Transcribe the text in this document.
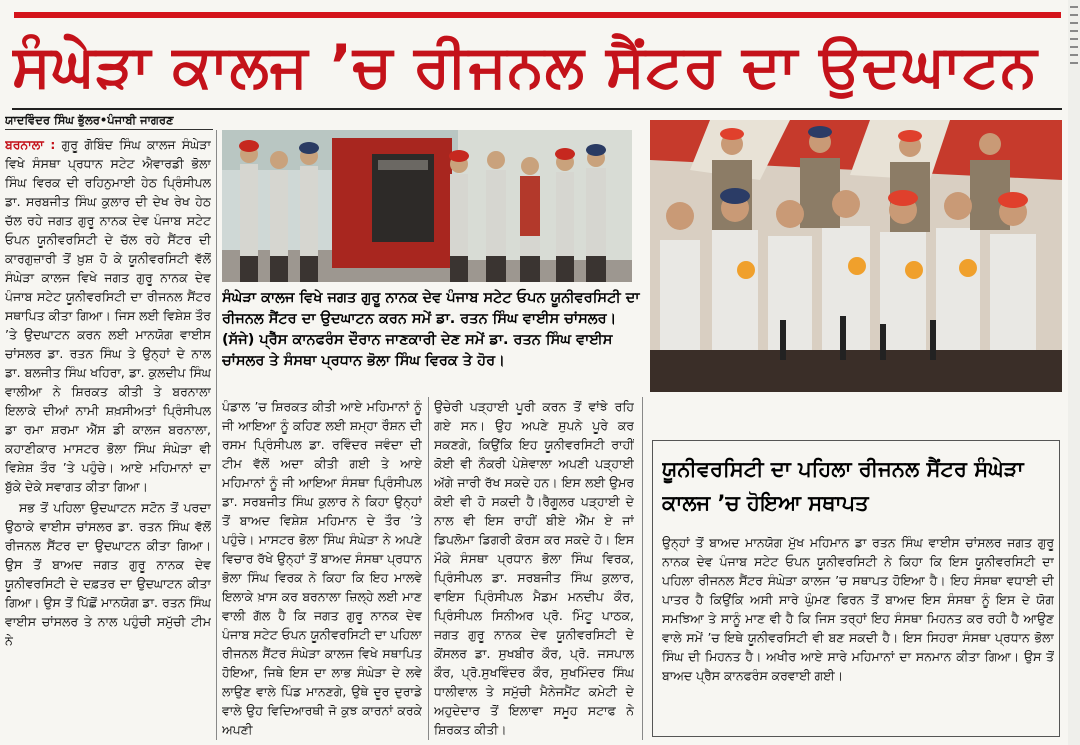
ਸੰਘੇੜਾ ਕਾਲਜ ’ਚ ਰੀਜਨਲ ਸੈਂਟਰ ਦਾ ਉਦਘਾਟਨ
ਯਾਦਵਿੰਦਰ ਸਿੰਘ ਭੁੱਲਰ•ਪੰਜਾਬੀ ਜਾਗਰਣ

ਬਰਨਾਲਾ : ਗੁਰੂ ਗੋਬਿੰਦ ਸਿੰਘ ਕਾਲਜ ਸੰਘੇੜਾ ਵਿਖੇ ਸੰਸਥਾ ਪ੍ਰਧਾਨ ਸਟੇਟ ਐਵਾਰਡੀ ਭੋਲਾ ਸਿੰਘ ਵਿਰਕ ਦੀ ਰਹਿਨੁਮਾਈ ਹੇਠ ਪ੍ਰਿੰਸੀਪਲ ਡਾ. ਸਰਬਜੀਤ ਸਿੰਘ ਕੁਲਾਰ ਦੀ ਦੇਖ ਰੇਖ ਹੇਠ ਚੱਲ ਰਹੇ ਜਗਤ ਗੁਰੂ ਨਾਨਕ ਦੇਵ ਪੰਜਾਬ ਸਟੇਟ ਓਪਨ ਯੂਨੀਵਰਸਿਟੀ ਦੇ ਚੱਲ ਰਹੇ ਸੈਂਟਰ ਦੀ ਕਾਰਗੁਜ਼ਾਰੀ ਤੋਂ ਖ਼ੁਸ਼ ਹੋ ਕੇ ਯੂਨੀਵਰਸਿਟੀ ਵੱਲੋਂ ਸੰਘੇੜਾ ਕਾਲਜ ਵਿਖੇ ਜਗਤ ਗੁਰੂ ਨਾਨਕ ਦੇਵ ਪੰਜਾਬ ਸਟੇਟ ਯੂਨੀਵਰਸਿਟੀ ਦਾ ਰੀਜਨਲ ਸੈਂਟਰ ਸਥਾਪਿਤ ਕੀਤਾ ਗਿਆ। ਜਿਸ ਲਈ ਵਿਸ਼ੇਸ਼ ਤੌਰ ’ਤੇ ਉਦਘਾਟਨ ਕਰਨ ਲਈ ਮਾਨਯੋਗ ਵਾਈਸ ਚਾਂਸਲਰ ਡਾ. ਰਤਨ ਸਿੰਘ ਤੇ ਉਨ੍ਹਾਂ ਦੇ ਨਾਲ ਡਾ. ਬਲਜੀਤ ਸਿੰਘ ਖਹਿਰਾ, ਡਾ. ਕੁਲਦੀਪ ਸਿੰਘ ਵਾਲੀਆ ਨੇ ਸ਼ਿਰਕਤ ਕੀਤੀ ਤੇ ਬਰਨਾਲਾ ਇਲਾਕੇ ਦੀਆਂ ਨਾਮੀ ਸ਼ਖ਼ਸੀਅਤਾਂ ਪ੍ਰਿੰਸੀਪਲ ਡਾ ਰਮਾ ਸ਼ਰਮਾ ਐੱਸ ਡੀ ਕਾਲਜ ਬਰਨਾਲਾ, ਕਹਾਣੀਕਾਰ ਮਾਸਟਰ ਭੋਲਾ ਸਿੰਘ ਸੰਘੇੜਾ ਵੀ ਵਿਸ਼ੇਸ਼ ਤੌਰ ’ਤੇ ਪਹੁੰਚੇ। ਆਏ ਮਹਿਮਾਨਾਂ ਦਾ ਬੁੱਕੇ ਦੇਕੇ ਸਵਾਗਤ ਕੀਤਾ ਗਿਆ।

ਸਭ ਤੋਂ ਪਹਿਲਾ ਉਦਘਾਟਨ ਸਟੋਨ ਤੋਂ ਪਰਦਾ ਉਠਾਕੇ ਵਾਈਸ ਚਾਂਸਲਰ ਡਾ. ਰਤਨ ਸਿੰਘ ਵੱਲੋਂ ਰੀਜਨਲ ਸੈਂਟਰ ਦਾ ਉਦਘਾਟਨ ਕੀਤਾ ਗਿਆ। ਉਸ ਤੋਂ ਬਾਅਦ ਜਗਤ ਗੁਰੂ ਨਾਨਕ ਦੇਵ ਯੂਨੀਵਰਸਿਟੀ ਦੇ ਦਫ਼ਤਰ ਦਾ ਉਦਘਾਟਨ ਕੀਤਾ ਗਿਆ। ਉਸ ਤੋਂ ਪਿੱਛੋਂ ਮਾਨਯੋਗ ਡਾ. ਰਤਨ ਸਿੰਘ ਵਾਈਸ ਚਾਂਸਲਰ ਤੇ ਨਾਲ ਪਹੁੰਚੀ ਸਮੁੱਚੀ ਟੀਮ ਨੇ

ਸੰਘੇੜਾ ਕਾਲਜ ਵਿਖੇ ਜਗਤ ਗੁਰੂ ਨਾਨਕ ਦੇਵ ਪੰਜਾਬ ਸਟੇਟ ਓਪਨ ਯੂਨੀਵਰਸਿਟੀ ਦਾ ਰੀਜਨਲ ਸੈਂਟਰ ਦਾ ਉਦਘਾਟਨ ਕਰਨ ਸਮੇਂ ਡਾ. ਰਤਨ ਸਿੰਘ ਵਾਈਸ ਚਾਂਸਲਰ।(ਸੱਜੇ) ਪ੍ਰੈੱਸ ਕਾਨਫਰੰਸ ਦੌਰਾਨ ਜਾਣਕਾਰੀ ਦੇਣ ਸਮੇਂ ਡਾ. ਰਤਨ ਸਿੰਘ ਵਾਈਸ ਚਾਂਸਲਰ ਤੇ ਸੰਸਥਾ ਪ੍ਰਧਾਨ ਭੋਲਾ ਸਿੰਘ ਵਿਰਕ ਤੇ ਹੋਰ।
ਪੰਡਾਲ ’ਚ ਸ਼ਿਰਕਤ ਕੀਤੀ ਆਏ ਮਹਿਮਾਨਾਂ ਨੂੰ ਜੀ ਆਇਆ ਨੂੰ ਕਹਿਣ ਲਈ ਸ਼ਮ੍ਹਾ ਰੌਸ਼ਨ ਦੀ ਰਸਮ ਪ੍ਰਿੰਸੀਪਲ ਡਾ. ਰਵਿੰਦਰ ਜਵੰਦਾ ਦੀ ਟੀਮ ਵੱਲੋਂ ਅਦਾ ਕੀਤੀ ਗਈ ਤੇ ਆਏ ਮਹਿਮਾਨਾਂ ਨੂੰ ਜੀ ਆਇਆ ਸੰਸਥਾ ਪ੍ਰਿੰਸੀਪਲ ਡਾ. ਸਰਬਜੀਤ ਸਿੰਘ ਕੁਲਾਰ ਨੇ ਕਿਹਾ ਉਨ੍ਹਾਂ ਤੋਂ ਬਾਅਦ ਵਿਸ਼ੇਸ਼ ਮਹਿਮਾਨ ਦੇ ਤੌਰ ’ਤੇ ਪਹੁੰਚੇ। ਮਾਸਟਰ ਭੋਲਾ ਸਿੰਘ ਸੰਘੇੜਾ ਨੇ ਅਪਣੇ ਵਿਚਾਰ ਰੱਖੇ ਉਨ੍ਹਾਂ ਤੋਂ ਬਾਅਦ ਸੰਸਥਾ ਪ੍ਰਧਾਨ ਭੋਲਾ ਸਿੰਘ ਵਿਰਕ ਨੇ ਕਿਹਾ ਕਿ ਇਹ ਮਾਲਵੇ ਇਲਾਕੇ ਖ਼ਾਸ ਕਰ ਬਰਨਾਲਾ ਜ਼ਿਲ੍ਹੇ ਲਈ ਮਾਣ ਵਾਲੀ ਗੱਲ ਹੈ ਕਿ ਜਗਤ ਗੁਰੂ ਨਾਨਕ ਦੇਵ ਪੰਜਾਬ ਸਟੇਟ ਓਪਨ ਯੂਨੀਵਰਸਿਟੀ ਦਾ ਪਹਿਲਾ ਰੀਜਨਲ ਸੈਂਟਰ ਸੰਘੇੜਾ ਕਾਲਜ ਵਿਖੇ ਸਥਾਪਿਤ ਹੋਇਆ, ਜਿਥੇ ਇਸ ਦਾ ਲਾਭ ਸੰਘੇੜਾ ਦੇ ਲਵੇ ਲਾਉਣ ਵਾਲੇ ਪਿੰਡ ਮਾਨਣਗੇ, ਉਥੇ ਦੂਰ ਦੁਰਾਡੇ ਵਾਲੇ ਉਹ ਵਿਦਿਆਰਥੀ ਜੋ ਕੁਝ ਕਾਰਨਾਂ ਕਰਕੇ ਅਪਣੀ
ਉਚੇਰੀ ਪੜ੍ਹਾਈ ਪੂਰੀ ਕਰਨ ਤੋਂ ਵਾਂਝੇ ਰਹਿ ਗਏ ਸਨ। ਉਹ ਅਪਣੇ ਸੁਪਨੇ ਪੂਰੇ ਕਰ ਸਕਣਗੇ, ਕਿਉਂਕਿ ਇਹ ਯੂਨੀਵਰਸਿਟੀ ਰਾਹੀਂ ਕੋਈ ਵੀ ਨੌਕਰੀ ਪੇਸ਼ੇਵਾਲਾ ਅਪਣੀ ਪੜ੍ਹਾਈ ਅੱਗੇ ਜਾਰੀ ਰੱਖ ਸਕਦੇ ਹਨ। ਇਸ ਲਈ ਉਮਰ ਕੋਈ ਵੀ ਹੋ ਸਕਦੀ ਹੈ।ਰੈਗੂਲਰ ਪੜ੍ਹਾਈ ਦੇ ਨਾਲ ਵੀ ਇਸ ਰਾਹੀਂ ਬੀਏ ਐੱਮ ਏ ਜਾਂ ਡਿਪਲੋਮਾ ਡਿਗਰੀ ਕੋਰਸ ਕਰ ਸਕਦੇ ਹੋ। ਇਸ ਮੌਕੇ ਸੰਸਥਾ ਪ੍ਰਧਾਨ ਭੋਲਾ ਸਿੰਘ ਵਿਰਕ, ਪ੍ਰਿੰਸੀਪਲ ਡਾ. ਸਰਬਜੀਤ ਸਿੰਘ ਕੁਲਾਰ, ਵਾਇਸ ਪ੍ਰਿੰਸੀਪਲ ਮੈਡਮ ਮਨਦੀਪ ਕੌਰ, ਪ੍ਰਿੰਸੀਪਲ ਸਿਨੀਅਰ ਪ੍ਰੋ. ਮਿੰਟੂ ਪਾਠਕ, ਜਗਤ ਗੁਰੂ ਨਾਨਕ ਦੇਵ ਯੂਨੀਵਰਸਿਟੀ ਦੇ ਕੋਂਸਲਰ ਡਾ. ਸੁਖਬੀਰ ਕੌਰ, ਪ੍ਰੋ. ਜਸਪਾਲ ਕੌਰ, ਪ੍ਰੋ.ਸੁਖਵਿੰਦਰ ਕੌਰ, ਸੁਖਮਿੰਦਰ ਸਿੰਘ ਧਾਲੀਵਾਲ ਤੇ ਸਮੁੱਚੀ ਮੈਨੇਜਮੈਂਟ ਕਮੇਟੀ ਦੇ ਅਹੁਦੇਦਾਰ ਤੋਂ ਇਲਾਵਾ ਸਮੂਹ ਸਟਾਫ ਨੇ ਸ਼ਿਰਕਤ ਕੀਤੀ।
ਯੂਨੀਵਰਸਿਟੀ ਦਾ ਪਹਿਲਾ ਰੀਜਨਲ ਸੈਂਟਰ ਸੰਘੇੜਾ ਕਾਲਜ ’ਚ ਹੋਇਆ ਸਥਾਪਤ
ਉਨ੍ਹਾਂ ਤੋਂ ਬਾਅਦ ਮਾਨਯੋਗ ਮੁੱਖ ਮਹਿਮਾਨ ਡਾ ਰਤਨ ਸਿੰਘ ਵਾਈਸ ਚਾਂਸਲਰ ਜਗਤ ਗੁਰੂ ਨਾਨਕ ਦੇਵ ਪੰਜਾਬ ਸਟੇਟ ਓਪਨ ਯੂਨੀਵਰਸਿਟੀ ਨੇ ਕਿਹਾ ਕਿ ਇਸ ਯੂਨੀਵਰਸਿਟੀ ਦਾ ਪਹਿਲਾ ਰੀਜਨਲ ਸੈਂਟਰ ਸੰਘੇੜਾ ਕਾਲਜ ’ਚ ਸਥਾਪਤ ਹੋਇਆ ਹੈ। ਇਹ ਸੰਸਥਾ ਵਧਾਈ ਦੀ ਪਾਤਰ ਹੈ ਕਿਉਂਕਿ ਅਸੀ ਸਾਰੇ ਘੁੰਮਣ ਫਿਰਨ ਤੋਂ ਬਾਅਦ ਇਸ ਸੰਸਥਾ ਨੂੰ ਇਸ ਦੇ ਯੋਗ ਸਮਝਿਆ ਤੇ ਸਾਨੂੰ ਮਾਣ ਵੀ ਹੈ ਕਿ ਜਿਸ ਤਰ੍ਹਾਂ ਇਹ ਸੰਸਥਾ ਮਿਹਨਤ ਕਰ ਰਹੀ ਹੈ ਆਉਣ ਵਾਲੇ ਸਮੇਂ ’ਚ ਇਥੇ ਯੂਨੀਵਰਸਿਟੀ ਵੀ ਬਣ ਸਕਦੀ ਹੈ। ਇਸ ਸਿਹਰਾ ਸੰਸਥਾ ਪ੍ਰਧਾਨ ਭੋਲਾ ਸਿੰਘ ਦੀ ਮਿਹਨਤ ਹੈ। ਅਖੀਰ ਆਏ ਸਾਰੇ ਮਹਿਮਾਨਾਂ ਦਾ ਸਨਮਾਨ ਕੀਤਾ ਗਿਆ। ਉਸ ਤੋਂ ਬਾਅਦ ਪ੍ਰੈਸ ਕਾਨਫਰੰਸ ਕਰਵਾਈ ਗਈ।
